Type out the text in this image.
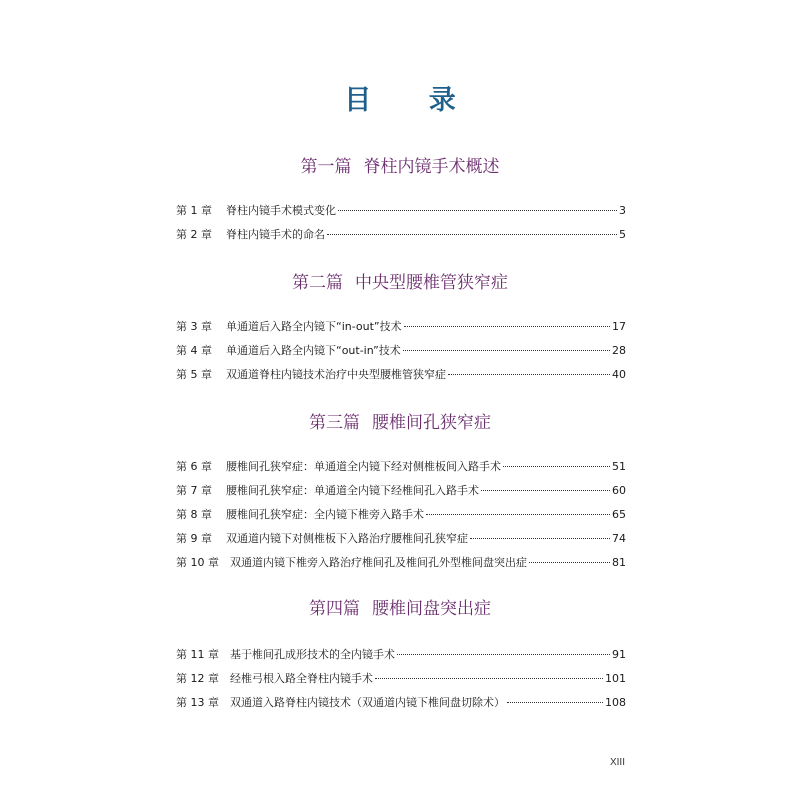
目 录
第一篇 脊柱内镜手术概述
第 1 章	脊柱内镜手术模式变化	3
第 2 章	脊柱内镜手术的命名	5
第二篇 中央型腰椎管狭窄症
第 3 章	单通道后入路全内镜下“in-out”技术	17
第 4 章	单通道后入路全内镜下“out-in”技术	28
第 5 章	双通道脊柱内镜技术治疗中央型腰椎管狭窄症	40
第三篇 腰椎间孔狭窄症
第 6 章	腰椎间孔狭窄症：单通道全内镜下经对侧椎板间入路手术	51
第 7 章	腰椎间孔狭窄症：单通道全内镜下经椎间孔入路手术	60
第 8 章	腰椎间孔狭窄症：全内镜下椎旁入路手术	65
第 9 章	双通道内镜下对侧椎板下入路治疗腰椎间孔狭窄症	74
第 10 章	双通道内镜下椎旁入路治疗椎间孔及椎间孔外型椎间盘突出症	81
第四篇 腰椎间盘突出症
第 11 章	基于椎间孔成形技术的全内镜手术	91
第 12 章	经椎弓根入路全脊柱内镜手术	101
第 13 章	双通道入路脊柱内镜技术（双通道内镜下椎间盘切除术）	108
XIII
